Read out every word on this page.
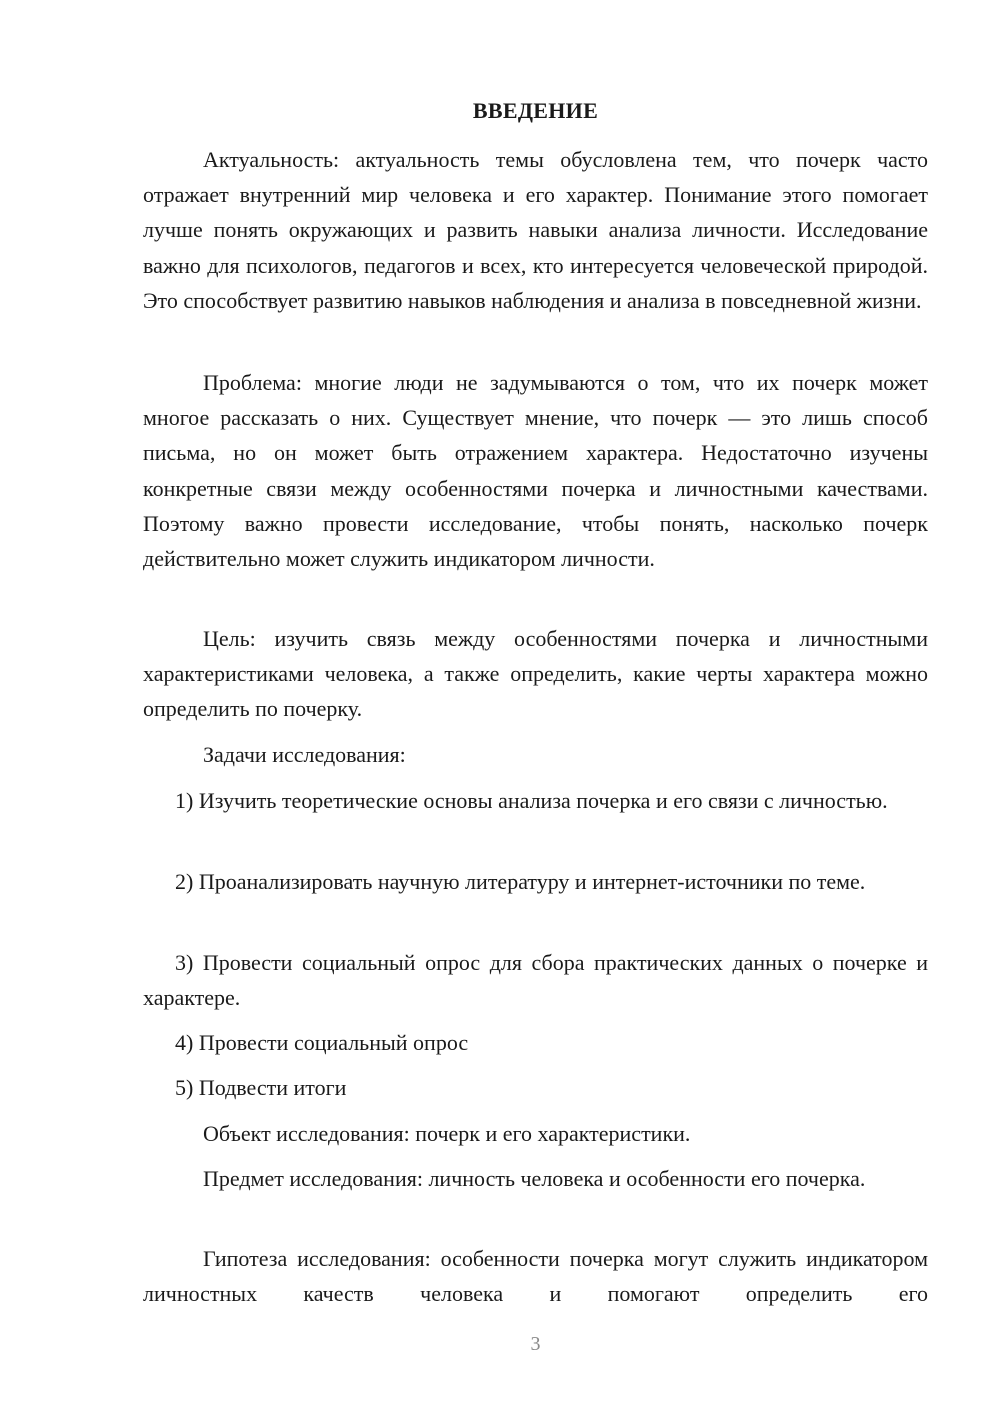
ВВЕДЕНИЕ

Актуальность: актуальность темы обусловлена тем, что почерк часто отражает внутренний мир человека и его характер. Понимание этого помогает лучше понять окружающих и развить навыки анализа личности. Исследование важно для психологов, педагогов и всех, кто интересуется человеческой природой. Это способствует развитию навыков наблюдения и анализа в повседневной жизни.

Проблема: многие люди не задумываются о том, что их почерк может многое рассказать о них. Существует мнение, что почерк — это лишь способ письма, но он может быть отражением характера. Недостаточно изучены конкретные связи между особенностями почерка и личностными качествами. Поэтому важно провести исследование, чтобы понять, насколько почерк действительно может служить индикатором личности.

Цель: изучить связь между особенностями почерка и личностными характеристиками человека, а также определить, какие черты характера можно определить по почерку.

Задачи исследования:

1) Изучить теоретические основы анализа почерка и его связи с личностью.

2) Проанализировать научную литературу и интернет-источники по теме.

3) Провести социальный опрос для сбора практических данных о почерке и характере.

4) Провести социальный опрос

5) Подвести итоги

Объект исследования: почерк и его характеристики.

Предмет исследования: личность человека и особенности его почерка.

Гипотеза исследования: особенности почерка могут служить индикатором личностных качеств человека и помогают определить его

3
